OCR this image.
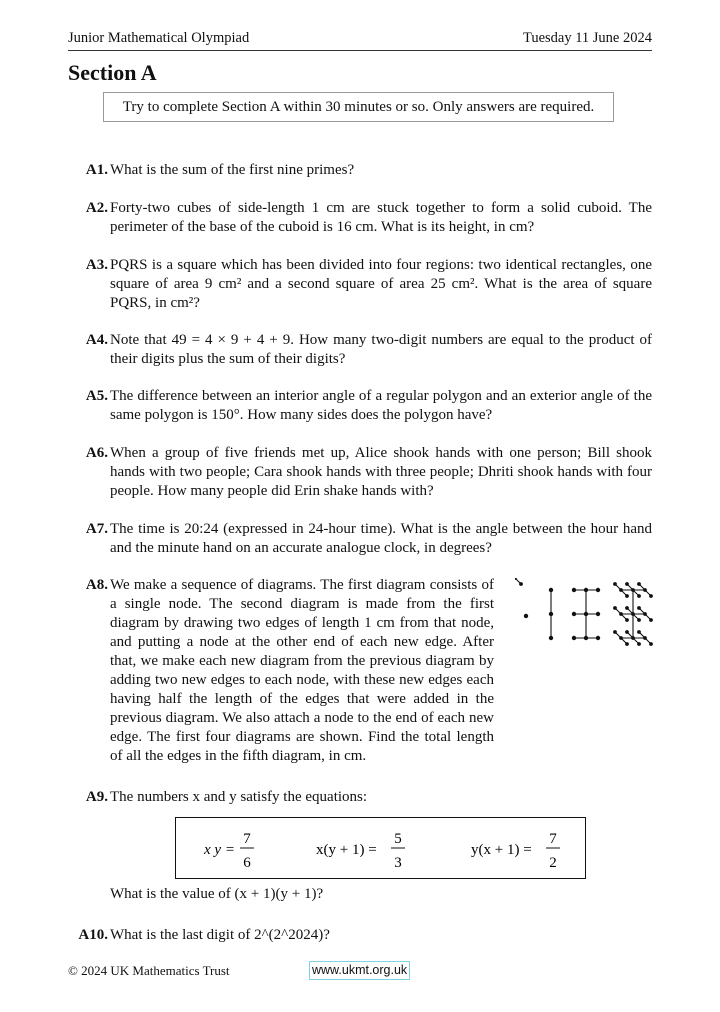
Junior Mathematical Olympiad	Tuesday 11 June 2024
Section A
Try to complete Section A within 30 minutes or so. Only answers are required.
A1. What is the sum of the first nine primes?
A2. Forty-two cubes of side-length 1 cm are stuck together to form a solid cuboid. The perimeter of the base of the cuboid is 16 cm. What is its height, in cm?
A3. PQRS is a square which has been divided into four regions: two identical rectangles, one square of area 9 cm² and a second square of area 25 cm². What is the area of square PQRS, in cm²?
A4. Note that 49 = 4 × 9 + 4 + 9. How many two-digit numbers are equal to the product of their digits plus the sum of their digits?
A5. The difference between an interior angle of a regular polygon and an exterior angle of the same polygon is 150°. How many sides does the polygon have?
A6. When a group of five friends met up, Alice shook hands with one person; Bill shook hands with two people; Cara shook hands with three people; Dhriti shook hands with four people. How many people did Erin shake hands with?
A7. The time is 20:24 (expressed in 24-hour time). What is the angle between the hour hand and the minute hand on an accurate analogue clock, in degrees?
A8. We make a sequence of diagrams. The first diagram consists of a single node. The second diagram is made from the first diagram by drawing two edges of length 1 cm from that node, and putting a node at the other end of each new edge. After that, we make each new diagram from the previous diagram by adding two new edges to each node, with these new edges each having half the length of the edges that were added in the previous diagram. We also attach a node to the end of each new edge. The first four diagrams are shown. Find the total length of all the edges in the fifth diagram, in cm.
A9. The numbers x and y satisfy the equations:
x y =
7
6
x(y + 1) =
5
3
y(x + 1) =
7
2
What is the value of (x + 1)(y + 1)?
A10. What is the last digit of 2^(2^2024)?
© 2024 UK Mathematics Trust	www.ukmt.org.uk
